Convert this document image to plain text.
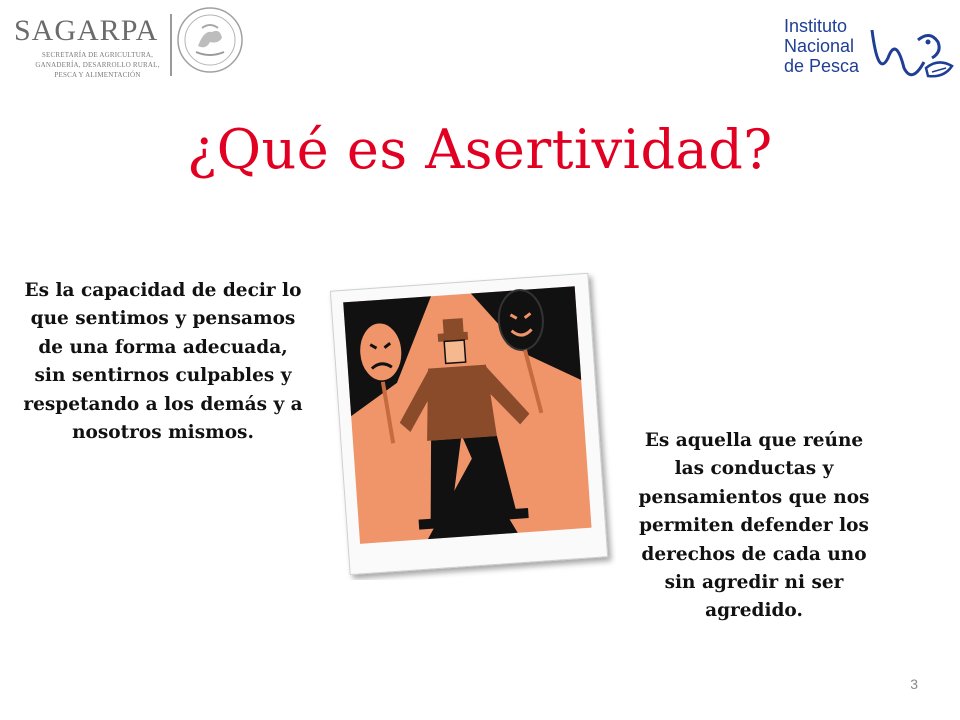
SAGARPA
SECRETARÍA DE AGRICULTURA, GANADERÍA, DESARROLLO RURAL, PESCA Y ALIMENTACIÓN
Instituto
Nacional
de Pesca
¿Qué es Asertividad?
Es la capacidad de decir lo que sentimos y pensamos de una forma adecuada, sin sentirnos culpables y respetando a los demás y a nosotros mismos.	Es aquella que reúne las conductas y pensamientos que nos permiten defender los derechos de cada uno sin agredir ni ser agredido.
3
